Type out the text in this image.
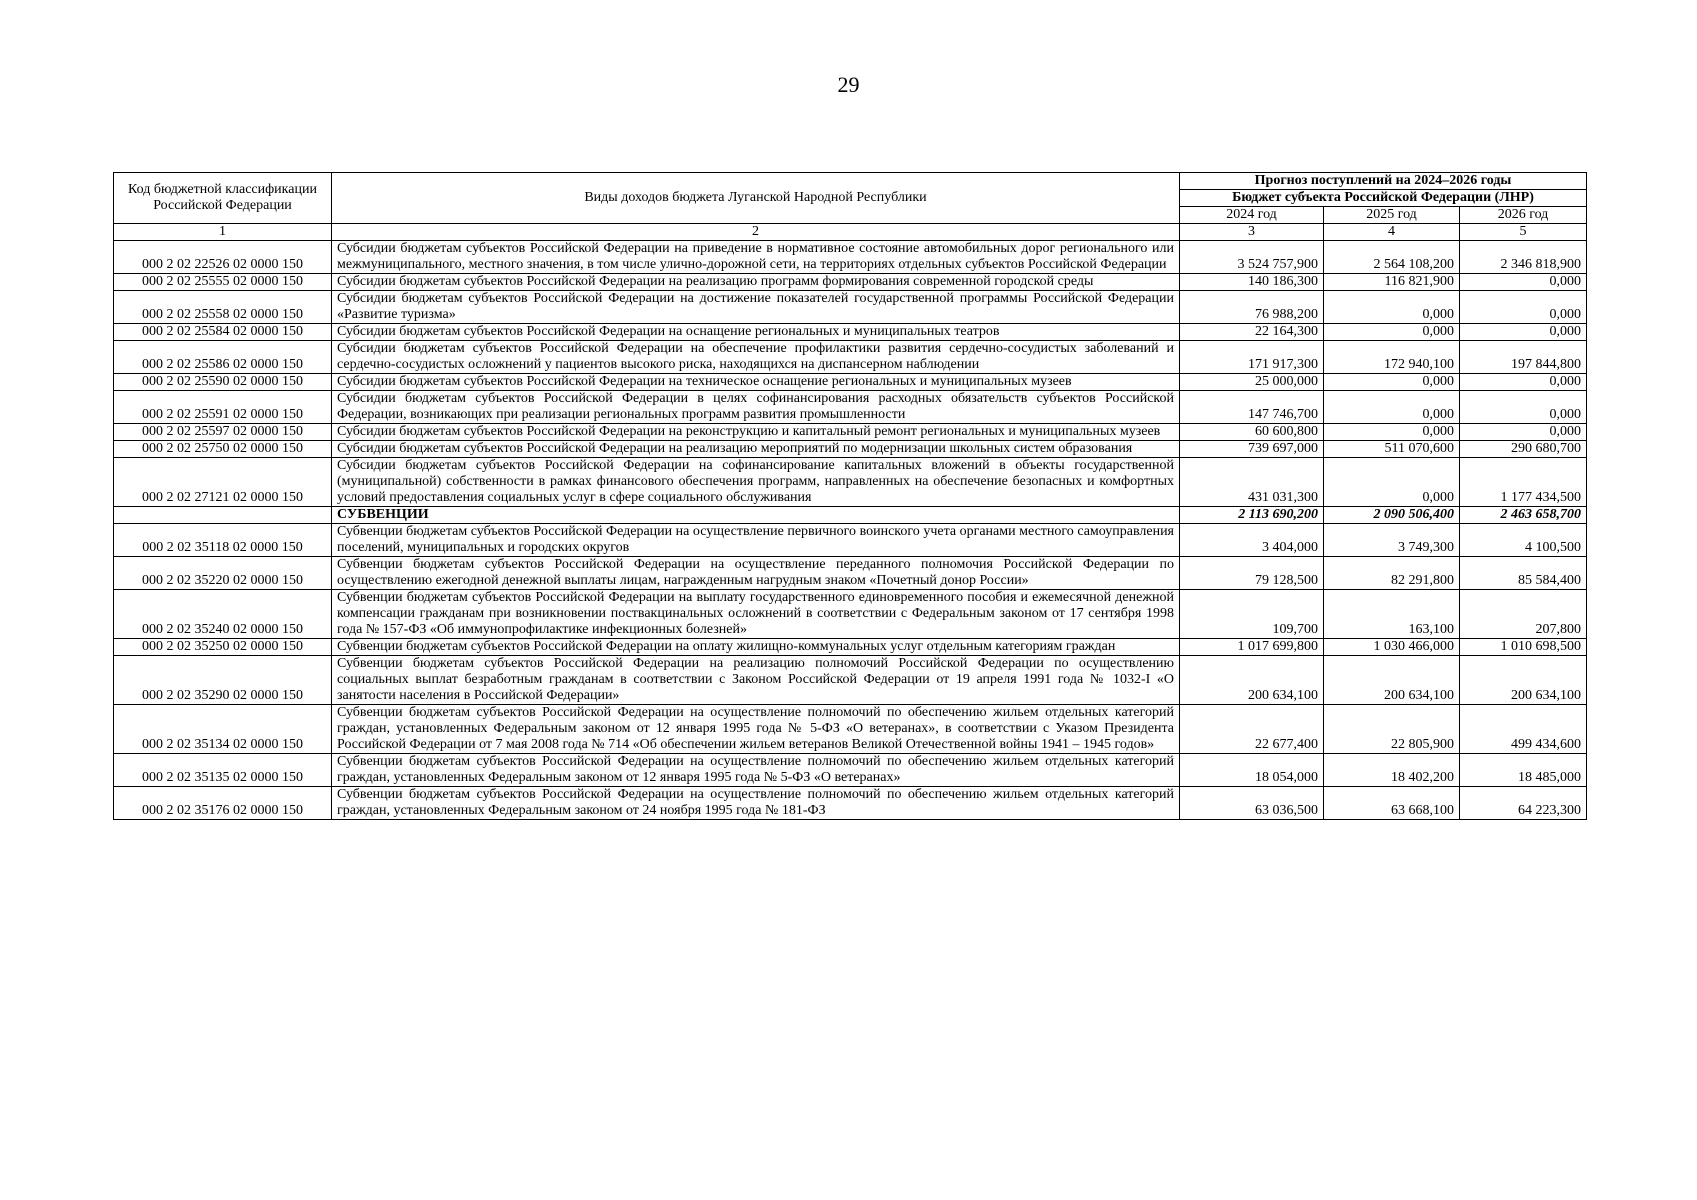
29
Код бюджетной классификации Российской Федерации	Виды доходов бюджета Луганской Народной Республики	Прогноз поступлений на 2024–2026 годы		
		Бюджет субъекта Российской Федерации (ЛНР)		
		2024 год	2025 год	2026 год
1	2	3	4	5
000 2 02 22526 02 0000 150	Субсидии бюджетам субъектов Российской Федерации на приведение в нормативное состояние автомобильных дорог регионального или межмуниципального, местного значения, в том числе улично-дорожной сети, на территориях отдельных субъектов Российской Федерации	3 524 757,900	2 564 108,200	2 346 818,900
000 2 02 25555 02 0000 150	Субсидии бюджетам субъектов Российской Федерации на реализацию программ формирования современной городской среды	140 186,300	116 821,900	0,000
000 2 02 25558 02 0000 150	Субсидии бюджетам субъектов Российской Федерации на достижение показателей государственной программы Российской Федерации «Развитие туризма»	76 988,200	0,000	0,000
000 2 02 25584 02 0000 150	Субсидии бюджетам субъектов Российской Федерации на оснащение региональных и муниципальных театров	22 164,300	0,000	0,000
000 2 02 25586 02 0000 150	Субсидии бюджетам субъектов Российской Федерации на обеспечение профилактики развития сердечно-сосудистых заболеваний и сердечно-сосудистых осложнений у пациентов высокого риска, находящихся на диспансерном наблюдении	171 917,300	172 940,100	197 844,800
000 2 02 25590 02 0000 150	Субсидии бюджетам субъектов Российской Федерации на техническое оснащение региональных и муниципальных музеев	25 000,000	0,000	0,000
000 2 02 25591 02 0000 150	Субсидии бюджетам субъектов Российской Федерации в целях софинансирования расходных обязательств субъектов Российской Федерации, возникающих при реализации региональных программ развития промышленности	147 746,700	0,000	0,000
000 2 02 25597 02 0000 150	Субсидии бюджетам субъектов Российской Федерации на реконструкцию и капитальный ремонт региональных и муниципальных музеев	60 600,800	0,000	0,000
000 2 02 25750 02 0000 150	Субсидии бюджетам субъектов Российской Федерации на реализацию мероприятий по модернизации школьных систем образования	739 697,000	511 070,600	290 680,700
000 2 02 27121 02 0000 150	Субсидии бюджетам субъектов Российской Федерации на софинансирование капитальных вложений в объекты государственной (муниципальной) собственности в рамках финансового обеспечения программ, направленных на обеспечение безопасных и комфортных условий предоставления социальных услуг в сфере социального обслуживания	431 031,300	0,000	1 177 434,500
	СУБВЕНЦИИ	2 113 690,200	2 090 506,400	2 463 658,700
000 2 02 35118 02 0000 150	Субвенции бюджетам субъектов Российской Федерации на осуществление первичного воинского учета органами местного самоуправления поселений, муниципальных и городских округов	3 404,000	3 749,300	4 100,500
000 2 02 35220 02 0000 150	Субвенции бюджетам субъектов Российской Федерации на осуществление переданного полномочия Российской Федерации по осуществлению ежегодной денежной выплаты лицам, награжденным нагрудным знаком «Почетный донор России»	79 128,500	82 291,800	85 584,400
000 2 02 35240 02 0000 150	Субвенции бюджетам субъектов Российской Федерации на выплату государственного единовременного пособия и ежемесячной денежной компенсации гражданам при возникновении поствакцинальных осложнений в соответствии с Федеральным законом от 17 сентября 1998 года № 157-ФЗ «Об иммунопрофилактике инфекционных болезней»	109,700	163,100	207,800
000 2 02 35250 02 0000 150	Субвенции бюджетам субъектов Российской Федерации на оплату жилищно-коммунальных услуг отдельным категориям граждан	1 017 699,800	1 030 466,000	1 010 698,500
000 2 02 35290 02 0000 150	Субвенции бюджетам субъектов Российской Федерации на реализацию полномочий Российской Федерации по осуществлению социальных выплат безработным гражданам в соответствии с Законом Российской Федерации от 19 апреля 1991 года № 1032-I «О занятости населения в Российской Федерации»	200 634,100	200 634,100	200 634,100
000 2 02 35134 02 0000 150	Субвенции бюджетам субъектов Российской Федерации на осуществление полномочий по обеспечению жильем отдельных категорий граждан, установленных Федеральным законом от 12 января 1995 года № 5-ФЗ «О ветеранах», в соответствии с Указом Президента Российской Федерации от 7 мая 2008 года № 714 «Об обеспечении жильем ветеранов Великой Отечественной войны 1941 – 1945 годов»	22 677,400	22 805,900	499 434,600
000 2 02 35135 02 0000 150	Субвенции бюджетам субъектов Российской Федерации на осуществление полномочий по обеспечению жильем отдельных категорий граждан, установленных Федеральным законом от 12 января 1995 года № 5-ФЗ «О ветеранах»	18 054,000	18 402,200	18 485,000
000 2 02 35176 02 0000 150	Субвенции бюджетам субъектов Российской Федерации на осуществление полномочий по обеспечению жильем отдельных категорий граждан, установленных Федеральным законом от 24 ноября 1995 года № 181-ФЗ	63 036,500	63 668,100	64 223,300
